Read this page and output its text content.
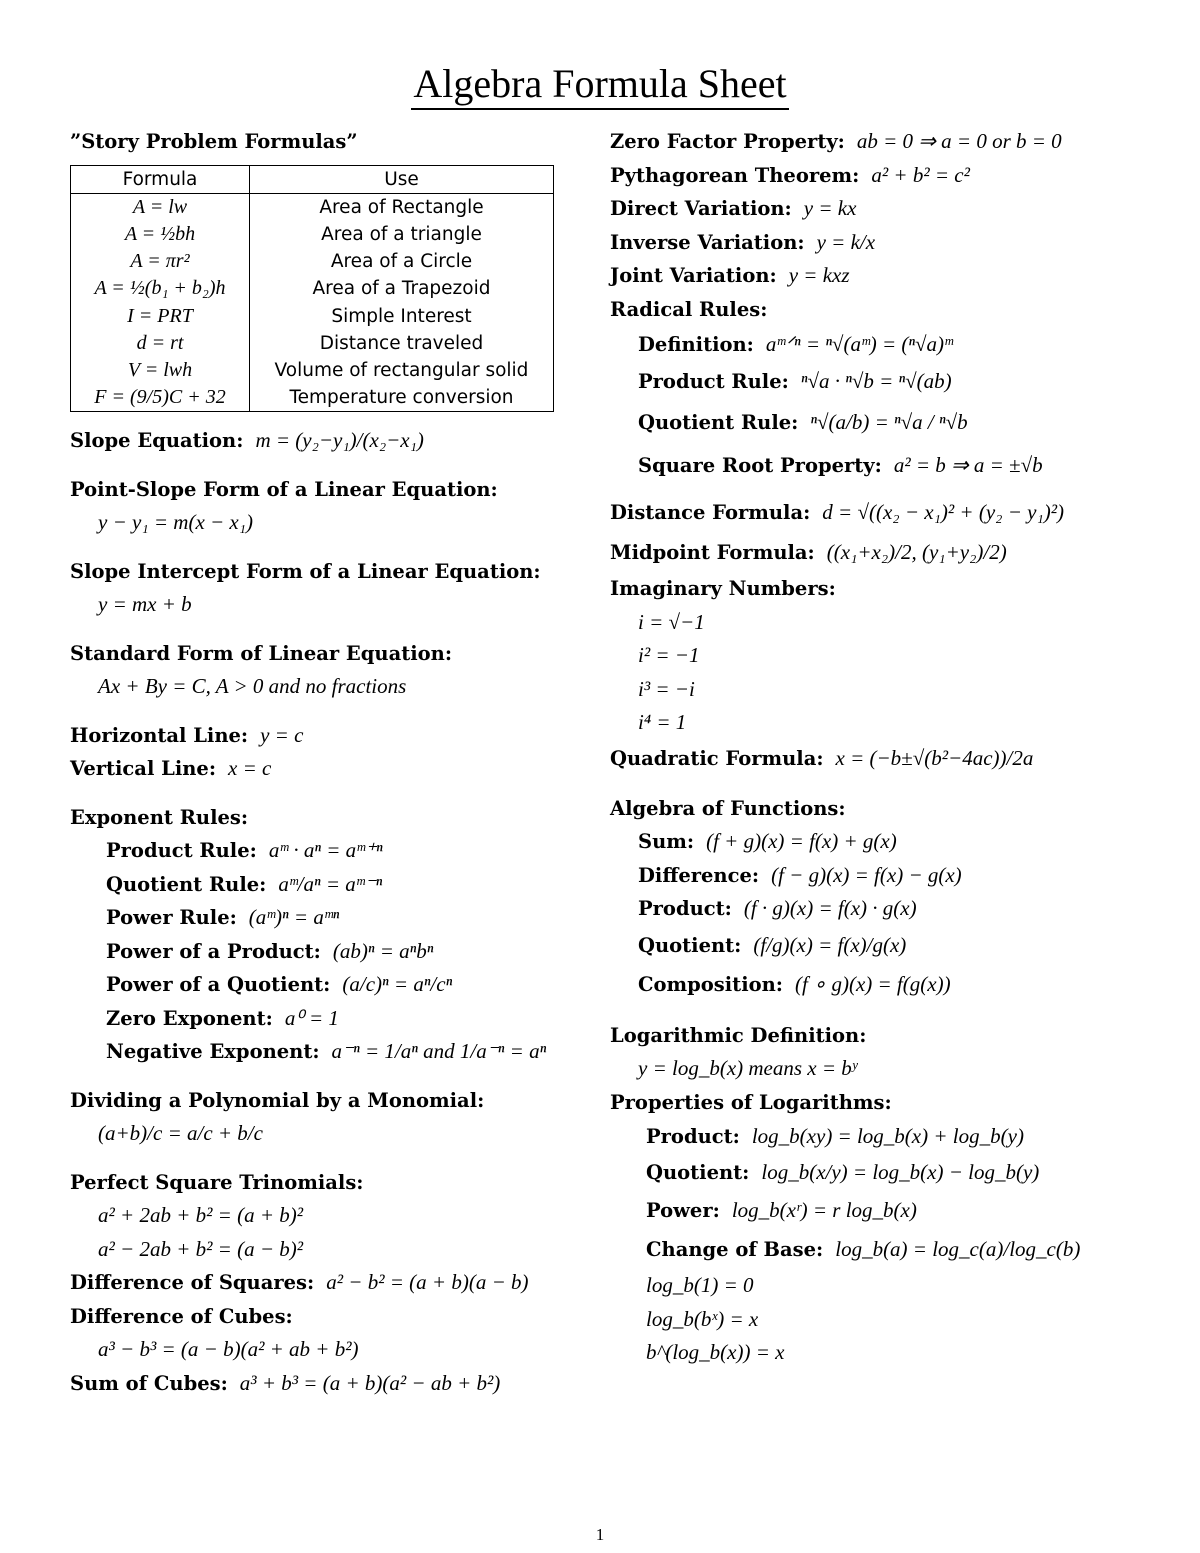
Algebra Formula Sheet
”Story Problem Formulas”
Formula	Use
A = lw	Area of Rectangle
A = ½bh	Area of a triangle
A = πr²	Area of a Circle
A = ½(b₁ + b₂)h	Area of a Trapezoid
I = PRT	Simple Interest
d = rt	Distance traveled
V = lwh	Volume of rectangular solid
F = (9/5)C + 32	Temperature conversion
Slope Equation: m = (y₂−y₁)/(x₂−x₁)
Point-Slope Form of a Linear Equation:
y − y₁ = m(x − x₁)
Slope Intercept Form of a Linear Equation:
y = mx + b
Standard Form of Linear Equation:
Ax + By = C, A > 0 and no fractions
Horizontal Line: y = c
Vertical Line: x = c
Exponent Rules:
Product Rule: aᵐ · aⁿ = aᵐ⁺ⁿ
Quotient Rule: aᵐ/aⁿ = aᵐ⁻ⁿ
Power Rule: (aᵐ)ⁿ = aᵐⁿ
Power of a Product: (ab)ⁿ = aⁿbⁿ
Power of a Quotient: (a/c)ⁿ = aⁿ/cⁿ
Zero Exponent: a⁰ = 1
Negative Exponent: a⁻ⁿ = 1/aⁿ and 1/a⁻ⁿ = aⁿ
Dividing a Polynomial by a Monomial:
(a+b)/c = a/c + b/c
Perfect Square Trinomials:
a² + 2ab + b² = (a + b)²
a² − 2ab + b² = (a − b)²
Difference of Squares: a² − b² = (a + b)(a − b)
Difference of Cubes:
a³ − b³ = (a − b)(a² + ab + b²)
Sum of Cubes: a³ + b³ = (a + b)(a² − ab + b²)
Zero Factor Property: ab = 0 ⇒ a = 0 or b = 0
Pythagorean Theorem: a² + b² = c²
Direct Variation: y = kx
Inverse Variation: y = k/x
Joint Variation: y = kxz
Radical Rules:
Definition: aᵐᐟⁿ = ⁿ√(aᵐ) = (ⁿ√a)ᵐ
Product Rule: ⁿ√a · ⁿ√b = ⁿ√(ab)
Quotient Rule: ⁿ√(a/b) = ⁿ√a / ⁿ√b
Square Root Property: a² = b ⇒ a = ±√b
Distance Formula: d = √((x₂ − x₁)² + (y₂ − y₁)²)
Midpoint Formula: ((x₁+x₂)/2, (y₁+y₂)/2)
Imaginary Numbers:
i = √−1
i² = −1
i³ = −i
i⁴ = 1
Quadratic Formula: x = (−b±√(b²−4ac))/2a
Algebra of Functions:
Sum: (f + g)(x) = f(x) + g(x)
Difference: (f − g)(x) = f(x) − g(x)
Product: (f · g)(x) = f(x) · g(x)
Quotient: (f/g)(x) = f(x)/g(x)
Composition: (f ∘ g)(x) = f(g(x))
Logarithmic Definition:
y = log_b(x) means x = bʸ
Properties of Logarithms:
Product: log_b(xy) = log_b(x) + log_b(y)
Quotient: log_b(x/y) = log_b(x) − log_b(y)
Power: log_b(xʳ) = r log_b(x)
Change of Base: log_b(a) = log_c(a)/log_c(b)
log_b(1) = 0
log_b(bˣ) = x
b^(log_b(x)) = x
1
